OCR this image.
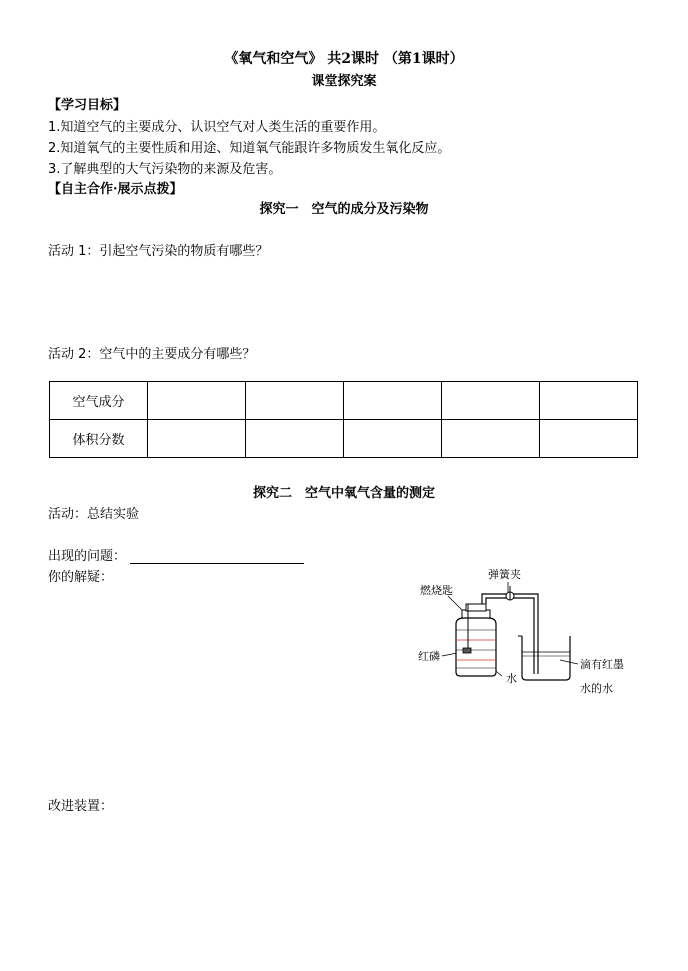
《氧气和空气》 共2课时 （第1课时）
课堂探究案
【学习目标】
1.知道空气的主要成分、认识空气对人类生活的重要作用。
2.知道氧气的主要性质和用途、知道氧气能跟许多物质发生氧化反应。
3.了解典型的大气污染物的来源及危害。
【自主合作·展示点拨】
探究一　空气的成分及污染物
活动 1：引起空气污染的物质有哪些？
活动 2：空气中的主要成分有哪些？
空气成分					
体积分数					
探究二　空气中氧气含量的测定
活动：总结实验
出现的问题：
你的解疑：
改进装置：
燃烧匙
弹簧夹
红磷
水
滴有红墨
水的水
